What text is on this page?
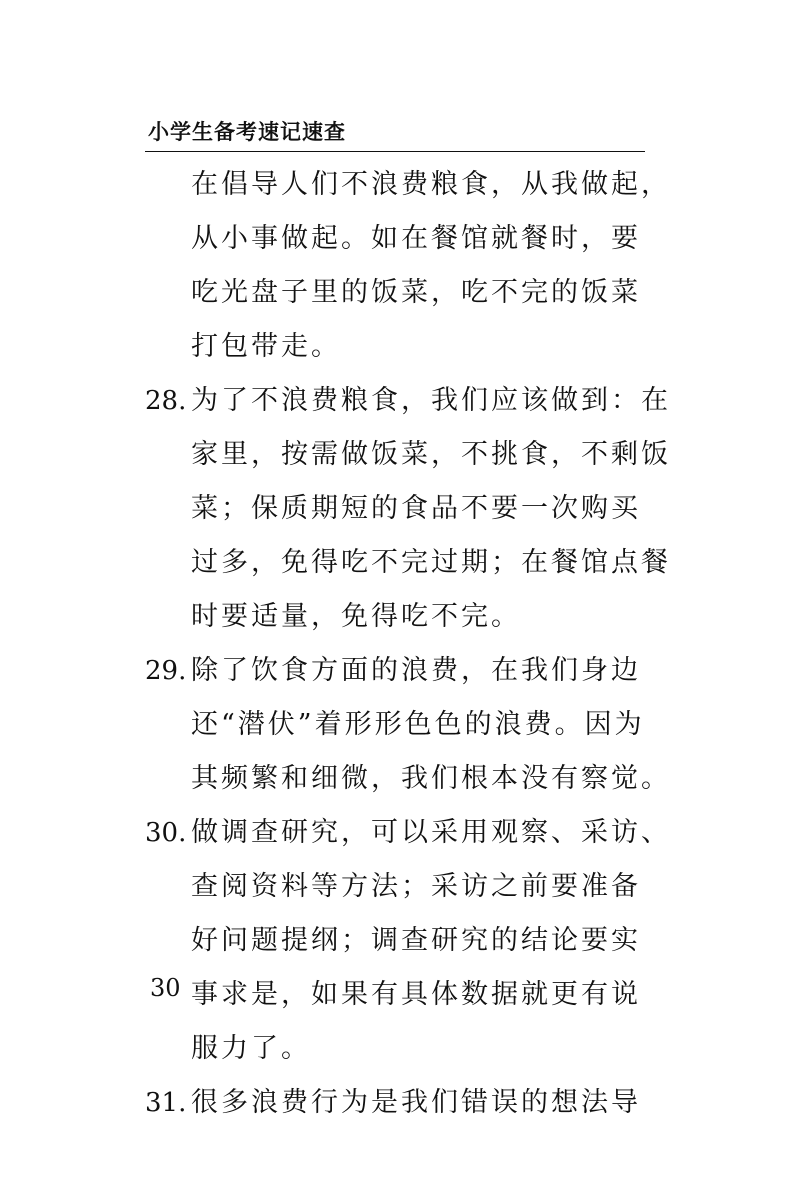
小学生备考速记速查
在倡导人们不浪费粮食，从我做起，
从小事做起。如在餐馆就餐时，要
吃光盘子里的饭菜，吃不完的饭菜
打包带走。
28. 为了不浪费粮食，我们应该做到：在
家里，按需做饭菜，不挑食，不剩饭
菜；保质期短的食品不要一次购买
过多，免得吃不完过期；在餐馆点餐
时要适量，免得吃不完。
29. 除了饮食方面的浪费，在我们身边
还“潜伏”着形形色色的浪费。因为
其频繁和细微，我们根本没有察觉。
30. 做调查研究，可以采用观察、采访、
查阅资料等方法；采访之前要准备
好问题提纲；调查研究的结论要实
事求是，如果有具体数据就更有说
服力了。
31. 很多浪费行为是我们错误的想法导
30
